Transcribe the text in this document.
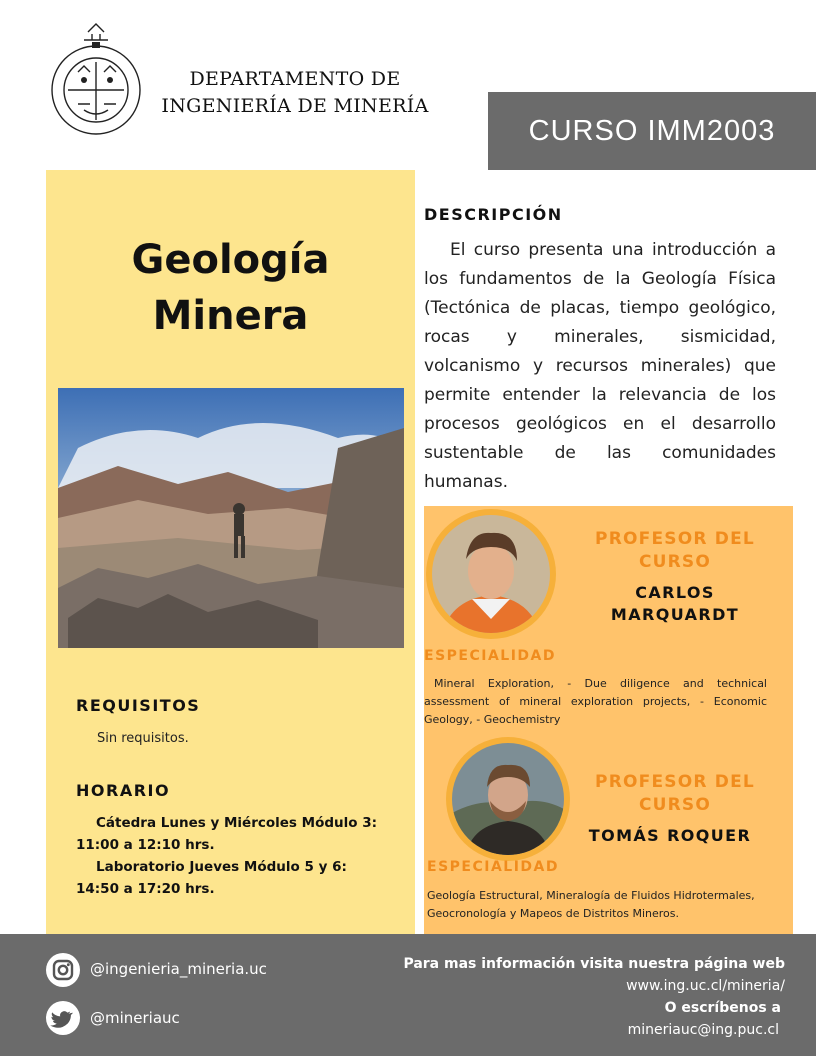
DEPARTAMENTO DE INGENIERÍA DE MINERÍA
CURSO IMM2003
Geología
Minera
REQUISITOS
Sin requisitos.
HORARIO

Cátedra Lunes y Miércoles Módulo 3: 11:00 a 12:10 hrs.

Laboratorio Jueves Módulo 5 y 6: 14:50 a 17:20 hrs.

DESCRIPCIÓN
El curso presenta una introducción a los fundamentos de la Geología Física (Tectónica de placas, tiempo geológico, rocas y minerales, sismicidad, volcanismo y recursos minerales) que permite entender la relevancia de los procesos geológicos en el desarrollo sustentable de las comunidades humanas.
PROFESOR DEL CURSO
CARLOS MARQUARDT
ESPECIALIDAD
Mineral Exploration, - Due diligence and technical assessment of mineral exploration projects, - Economic Geology, - Geochemistry
PROFESOR DEL CURSO
TOMÁS ROQUER
ESPECIALIDAD
Geología Estructural, Mineralogía de Fluidos Hidrotermales, Geocronología y Mapeos de Distritos Mineros.
@ingenieria_mineria.uc
@mineriauc
Para mas información visita nuestra página web
www.ing.uc.cl/mineria/
O escríbenos a
mineriauc@ing.puc.cl
